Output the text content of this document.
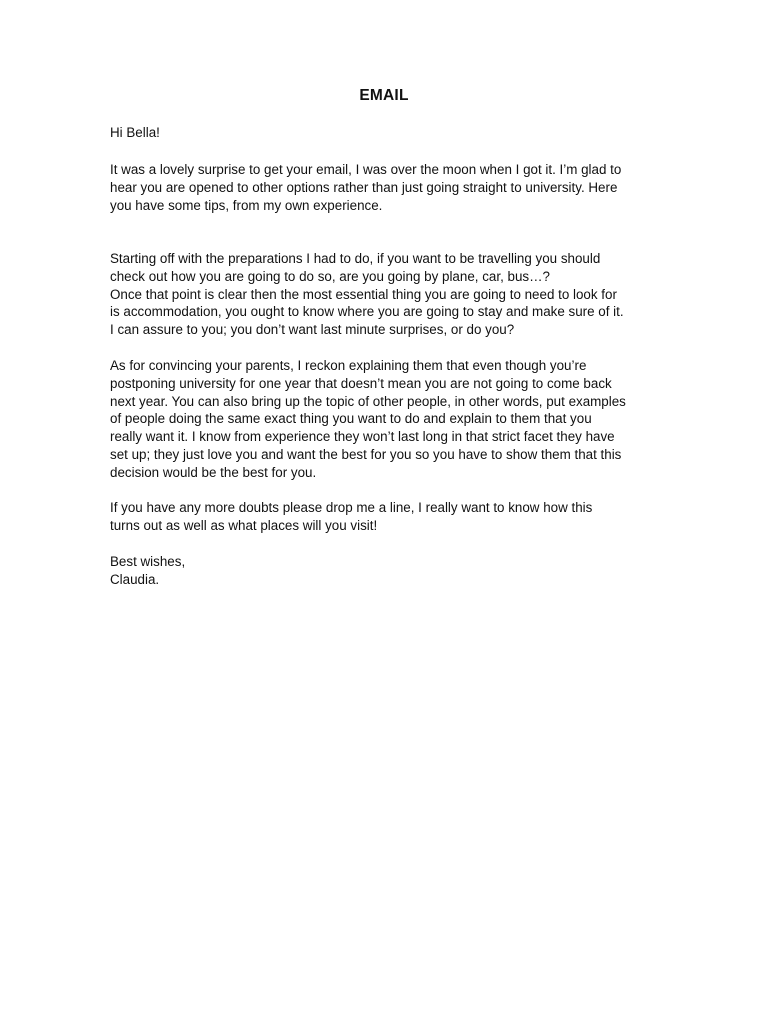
EMAIL

Hi Bella!

It was a lovely surprise to get your email, I was over the moon when I got it. I’m glad to
hear you are opened to other options rather than just going straight to university. Here
you have some tips, from my own experience.

Starting off with the preparations I had to do, if you want to be travelling you should
check out how you are going to do so, are you going by plane, car, bus…?
Once that point is clear then the most essential thing you are going to need to look for
is accommodation, you ought to know where you are going to stay and make sure of it.
I can assure to you; you don’t want last minute surprises, or do you?

As for convincing your parents, I reckon explaining them that even though you’re
postponing university for one year that doesn’t mean you are not going to come back
next year. You can also bring up the topic of other people, in other words, put examples
of people doing the same exact thing you want to do and explain to them that you
really want it. I know from experience they won’t last long in that strict facet they have
set up; they just love you and want the best for you so you have to show them that this
decision would be the best for you.

If you have any more doubts please drop me a line, I really want to know how this
turns out as well as what places will you visit!

Best wishes,
Claudia.
